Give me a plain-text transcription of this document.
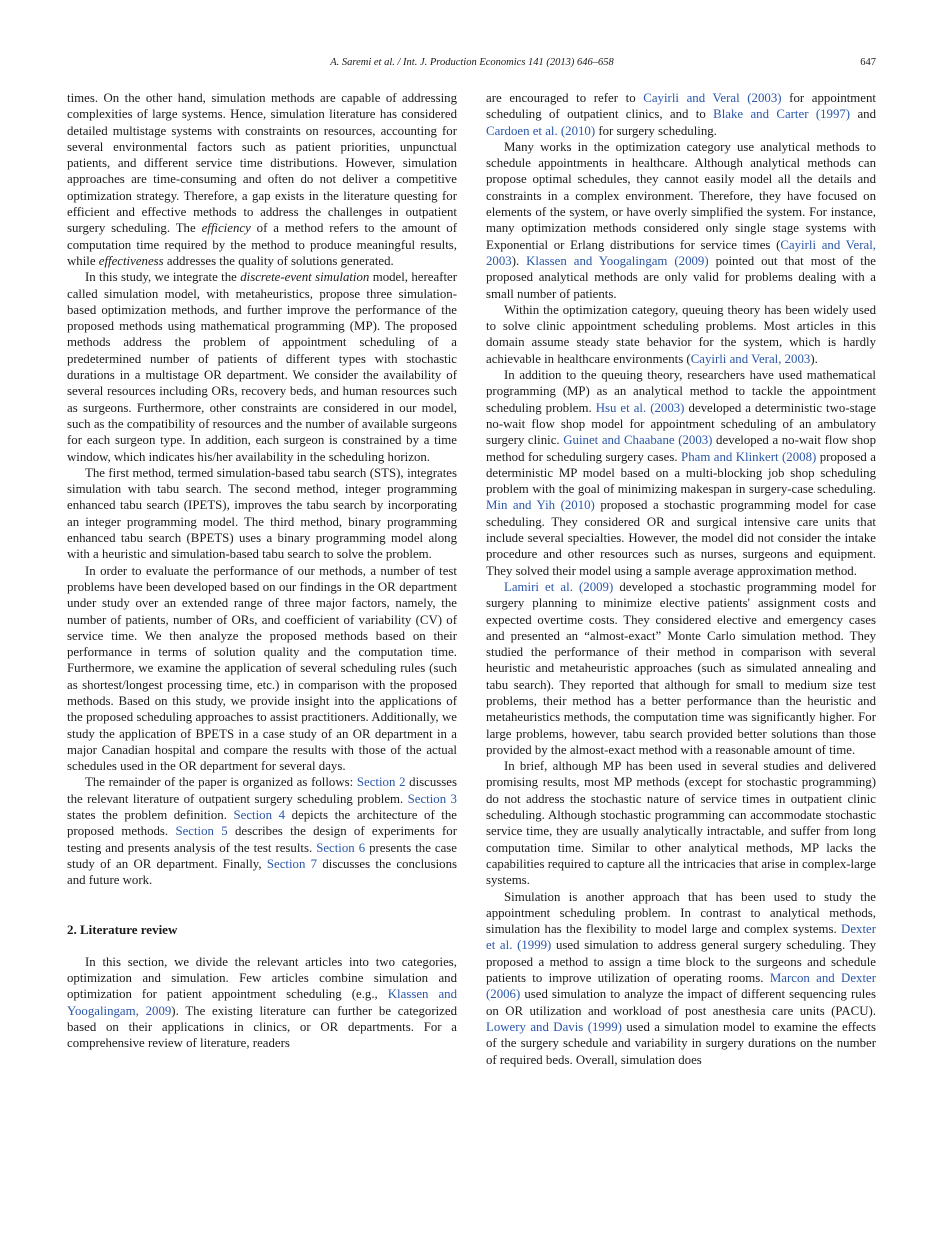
A. Saremi et al. / Int. J. Production Economics 141 (2013) 646–658	647

times. On the other hand, simulation methods are capable of addressing complexities of large systems. Hence, simulation literature has considered detailed multistage systems with constraints on resources, accounting for several environmental factors such as patient priorities, unpunctual patients, and different service time distributions. However, simulation approaches are time-consuming and often do not deliver a competitive optimization strategy. Therefore, a gap exists in the literature questing for efficient and effective methods to address the challenges in outpatient surgery scheduling. The efficiency of a method refers to the amount of computation time required by the method to produce meaningful results, while effectiveness addresses the quality of solutions generated.

In this study, we integrate the discrete-event simulation model, hereafter called simulation model, with metaheuristics, propose three simulation-based optimization methods, and further improve the performance of the proposed methods using mathematical programming (MP). The proposed methods address the problem of appointment scheduling of a predetermined number of patients of different types with stochastic durations in a multistage OR department. We consider the availability of several resources including ORs, recovery beds, and human resources such as surgeons. Furthermore, other constraints are considered in our model, such as the compatibility of resources and the number of available surgeons for each surgeon type. In addition, each surgeon is constrained by a time window, which indicates his/her availability in the scheduling horizon.

The first method, termed simulation-based tabu search (STS), integrates simulation with tabu search. The second method, integer programming enhanced tabu search (IPETS), improves the tabu search by incorporating an integer programming model. The third method, binary programming enhanced tabu search (BPETS) uses a binary programming model along with a heuristic and simulation-based tabu search to solve the problem.

In order to evaluate the performance of our methods, a number of test problems have been developed based on our findings in the OR department under study over an extended range of three major factors, namely, the number of patients, number of ORs, and coefficient of variability (CV) of service time. We then analyze the proposed methods based on their performance in terms of solution quality and the computation time. Furthermore, we examine the application of several scheduling rules (such as shortest/longest processing time, etc.) in comparison with the proposed methods. Based on this study, we provide insight into the applications of the proposed scheduling approaches to assist practitioners. Additionally, we study the application of BPETS in a case study of an OR department in a major Canadian hospital and compare the results with those of the actual schedules used in the OR department for several days.

The remainder of the paper is organized as follows: Section 2 discusses the relevant literature of outpatient surgery scheduling problem. Section 3 states the problem definition. Section 4 depicts the architecture of the proposed methods. Section 5 describes the design of experiments for testing and presents analysis of the test results. Section 6 presents the case study of an OR department. Finally, Section 7 discusses the conclusions and future work.

2. Literature review

In this section, we divide the relevant articles into two categories, optimization and simulation. Few articles combine simulation and optimization for patient appointment scheduling (e.g., Klassen and Yoogalingam, 2009). The existing literature can further be categorized based on their applications in clinics, or OR departments. For a comprehensive review of literature, readers

are encouraged to refer to Cayirli and Veral (2003) for appointment scheduling of outpatient clinics, and to Blake and Carter (1997) and Cardoen et al. (2010) for surgery scheduling.

Many works in the optimization category use analytical methods to schedule appointments in healthcare. Although analytical methods can propose optimal schedules, they cannot easily model all the details and constraints in a complex environment. Therefore, they have focused on elements of the system, or have overly simplified the system. For instance, many optimization methods considered only single stage systems with Exponential or Erlang distributions for service times (Cayirli and Veral, 2003). Klassen and Yoogalingam (2009) pointed out that most of the proposed analytical methods are only valid for problems dealing with a small number of patients.

Within the optimization category, queuing theory has been widely used to solve clinic appointment scheduling problems. Most articles in this domain assume steady state behavior for the system, which is hardly achievable in healthcare environments (Cayirli and Veral, 2003).

In addition to the queuing theory, researchers have used mathematical programming (MP) as an analytical method to tackle the appointment scheduling problem. Hsu et al. (2003) developed a deterministic two-stage no-wait flow shop model for appointment scheduling of an ambulatory surgery clinic. Guinet and Chaabane (2003) developed a no-wait flow shop method for scheduling surgery cases. Pham and Klinkert (2008) proposed a deterministic MP model based on a multi-blocking job shop scheduling problem with the goal of minimizing makespan in surgery-case scheduling. Min and Yih (2010) proposed a stochastic programming model for case scheduling. They considered OR and surgical intensive care units that include several specialties. However, the model did not consider the intake procedure and other resources such as nurses, surgeons and equipment. They solved their model using a sample average approximation method.

Lamiri et al. (2009) developed a stochastic programming model for surgery planning to minimize elective patients' assignment costs and expected overtime costs. They considered elective and emergency cases and presented an “almost-exact” Monte Carlo simulation method. They studied the performance of their method in comparison with several heuristic and metaheuristic approaches (such as simulated annealing and tabu search). They reported that although for small to medium size test problems, their method has a better performance than the heuristic and metaheuristics methods, the computation time was significantly higher. For large problems, however, tabu search provided better solutions than those provided by the almost-exact method with a reasonable amount of time.

In brief, although MP has been used in several studies and delivered promising results, most MP methods (except for stochastic programming) do not address the stochastic nature of service times in outpatient clinic scheduling. Although stochastic programming can accommodate stochastic service time, they are usually analytically intractable, and suffer from long computation time. Similar to other analytical methods, MP lacks the capabilities required to capture all the intricacies that arise in complex-large systems.

Simulation is another approach that has been used to study the appointment scheduling problem. In contrast to analytical methods, simulation has the flexibility to model large and complex systems. Dexter et al. (1999) used simulation to address general surgery scheduling. They proposed a method to assign a time block to the surgeons and schedule patients to improve utilization of operating rooms. Marcon and Dexter (2006) used simulation to analyze the impact of different sequencing rules on OR utilization and workload of post anesthesia care units (PACU). Lowery and Davis (1999) used a simulation model to examine the effects of the surgery schedule and variability in surgery durations on the number of required beds. Overall, simulation does
